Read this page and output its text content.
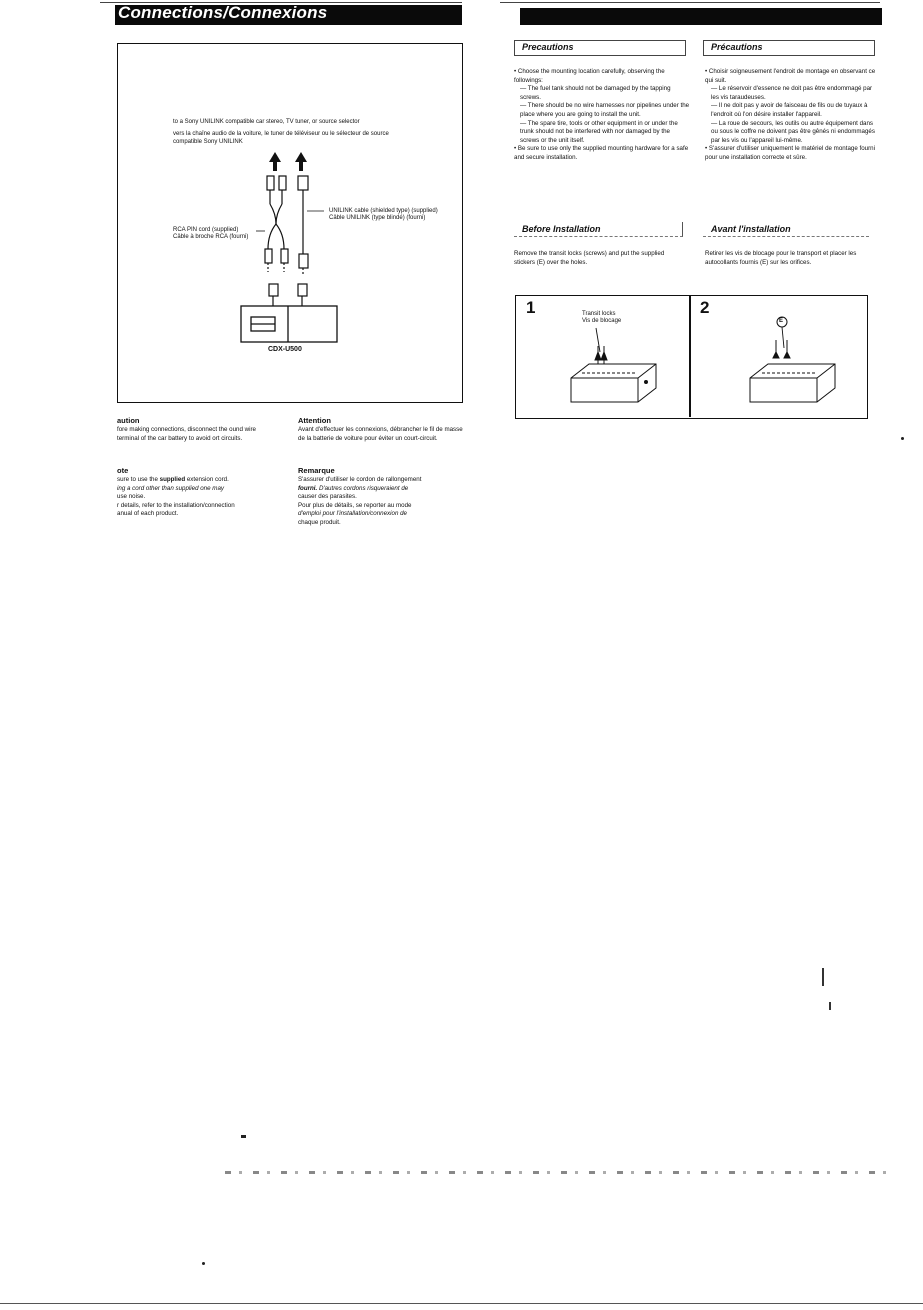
Connections/Connexions
to a Sony UNILINK compatible car stereo, TV tuner, or source selector
vers la chaîne audio de la voiture, le tuner de téléviseur ou le sélecteur de source compatible Sony UNILINK
UNILINK cable (shielded type) (supplied)
Câble UNILINK (type blindé) (fourni)
RCA PIN cord (supplied)
Câble à broche RCA (fourni)
CDX-U500
aution
fore making connections, disconnect the ound wire terminal of the car battery to avoid ort circuits.
Attention
Avant d'effectuer les connexions, débrancher le fil de masse de la batterie de voiture pour éviter un court-circuit.
ote
sure to use the supplied extension cord.
ing a cord other than supplied one may
use noise.
r details, refer to the installation/connection
anual of each product.
Remarque
S'assurer d'utiliser le cordon de rallongement
fourni. D'autres cordons risqueraient de
causer des parasites.
Pour plus de détails, se reporter au mode
d'emploi pour l'installation/connexion de
chaque produit.
Precautions

• Choose the mounting location carefully, observing the followings:

— The fuel tank should not be damaged by the tapping screws.

— There should be no wire harnesses nor pipelines under the place where you are going to install the unit.

— The spare tire, tools or other equipment in or under the trunk should not be interfered with nor damaged by the screws or the unit itself.

• Be sure to use only the supplied mounting hardware for a safe and secure installation.

Précautions

• Choisir soigneusement l'endroit de montage en observant ce qui suit.

— Le réservoir d'essence ne doit pas être endommagé par les vis taraudeuses.

— Il ne doit pas y avoir de faisceau de fils ou de tuyaux à l'endroit où l'on désire installer l'appareil.

— La roue de secours, les outils ou autre équipement dans ou sous le coffre ne doivent pas être gênés ni endommagés par les vis ou l'appareil lui-même.

• S'assurer d'utiliser uniquement le matériel de montage fourni pour une installation correcte et sûre.

Before Installation
Remove the transit locks (screws) and put the supplied stickers (E) over the holes.
Avant l'installation
Retirer les vis de blocage pour le transport et placer les autocollants fournis (E) sur les orifices.
1	2
Transit locks
Vis de blocage	E
